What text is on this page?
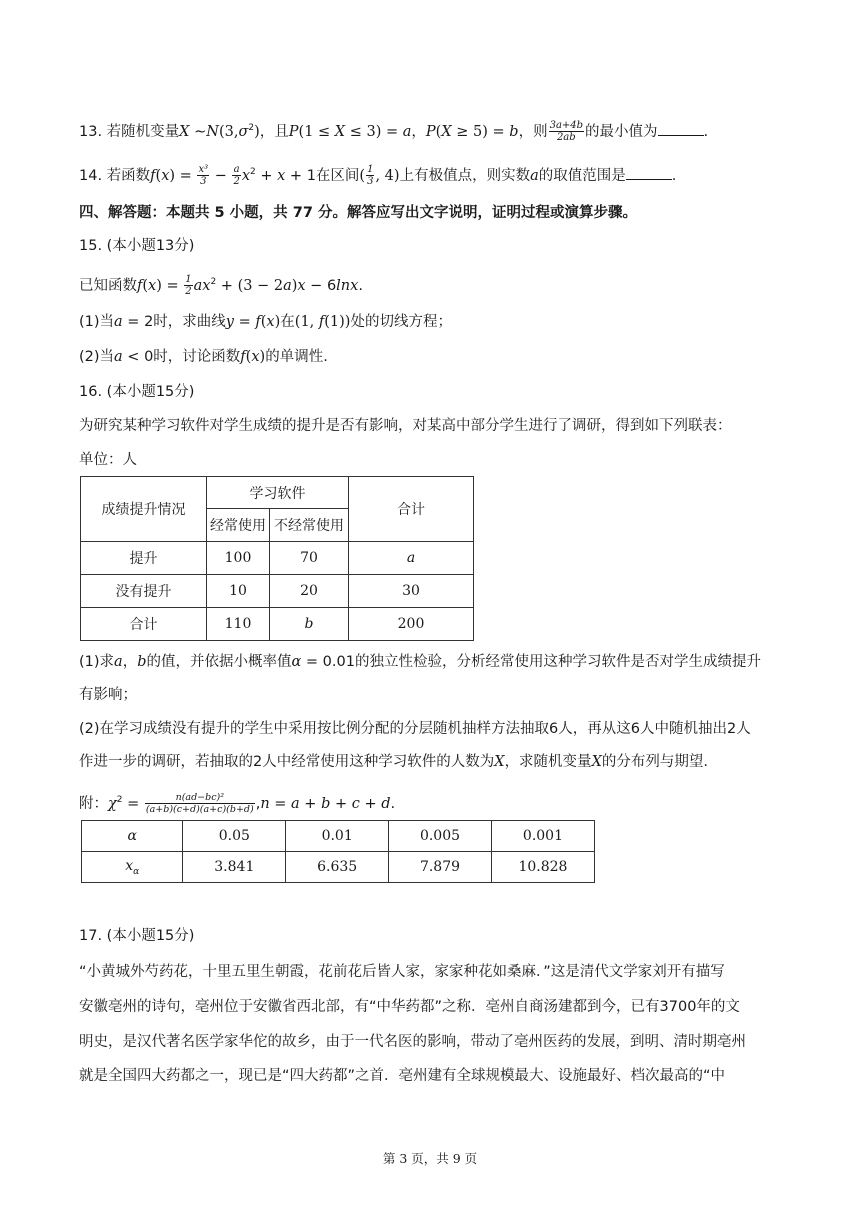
13. 若随机变量X $\sim N(3,\sigma^2)$，且P(1 ≤ X ≤ 3) = a，P(X ≥ 5) = b，则 $\frac{3a+4b}{2ab}$ 的最小值为	.
14. 若函数$f(x) = \frac{\text{x³}}{3} - \frac{a}{2} x^2 + x + 1$在区间( $\frac{1}{3}$ , 4)上有极值点，则实数a的取值范围是	.
四、解答题：本题共 5 小题，共 77 分。解答应写出文字说明，证明过程或演算步骤。
15. (本小题13分)
已知函数$f(x) = \frac{1}{2} ax^2 + (3 - 2a)x - 6\ln x$.
(1)当a = 2时，求曲线y = f(x)在(1, f(1))处的切线方程；
(2)当a < 0时，讨论函数f(x)的单调性.
16. (本小题15分)
为研究某种学习软件对学生成绩的提升是否有影响，对某高中部分学生进行了调研，得到如下列联表：
单位：人
成绩提升情况	学习软件		合计
	经常使用	不经常使用	
提升	100	70	a
没有提升	10	20	30
合计	110	b	200
(1)求a，b的值，并依据小概率值α = 0.01的独立性检验，分析经常使用这种学习软件是否对学生成绩提升
有影响；
(2)在学习成绩没有提升的学生中采用按比例分配的分层随机抽样方法抽取6人，再从这6人中随机抽出2人
作进一步的调研，若抽取的2人中经常使用这种学习软件的人数为X，求随机变量X的分布列与期望.
附：$\chi^2 = \frac{\text{n(ad−bc)²}}{(a+b)(c+d)(a+c)(b+d)} ,n = a + b + c + d$.
α	0.05	0.01	0.005	0.001
$x_\alpha$	3.841	6.635	7.879	10.828
17. (本小题15分)
“小黄城外芍药花，十里五里生朝霞，花前花后皆人家，家家种花如桑麻．”这是清代文学家刘开有描写
安徽亳州的诗句，亳州位于安徽省西北部，有“中华药都”之称．亳州自商汤建都到今，已有3700年的文
明史，是汉代著名医学家华佗的故乡，由于一代名医的影响，带动了亳州医药的发展，到明、清时期亳州
就是全国四大药都之一，现已是“四大药都”之首．亳州建有全球规模最大、设施最好、档次最高的“中
第 3 页，共 9 页
